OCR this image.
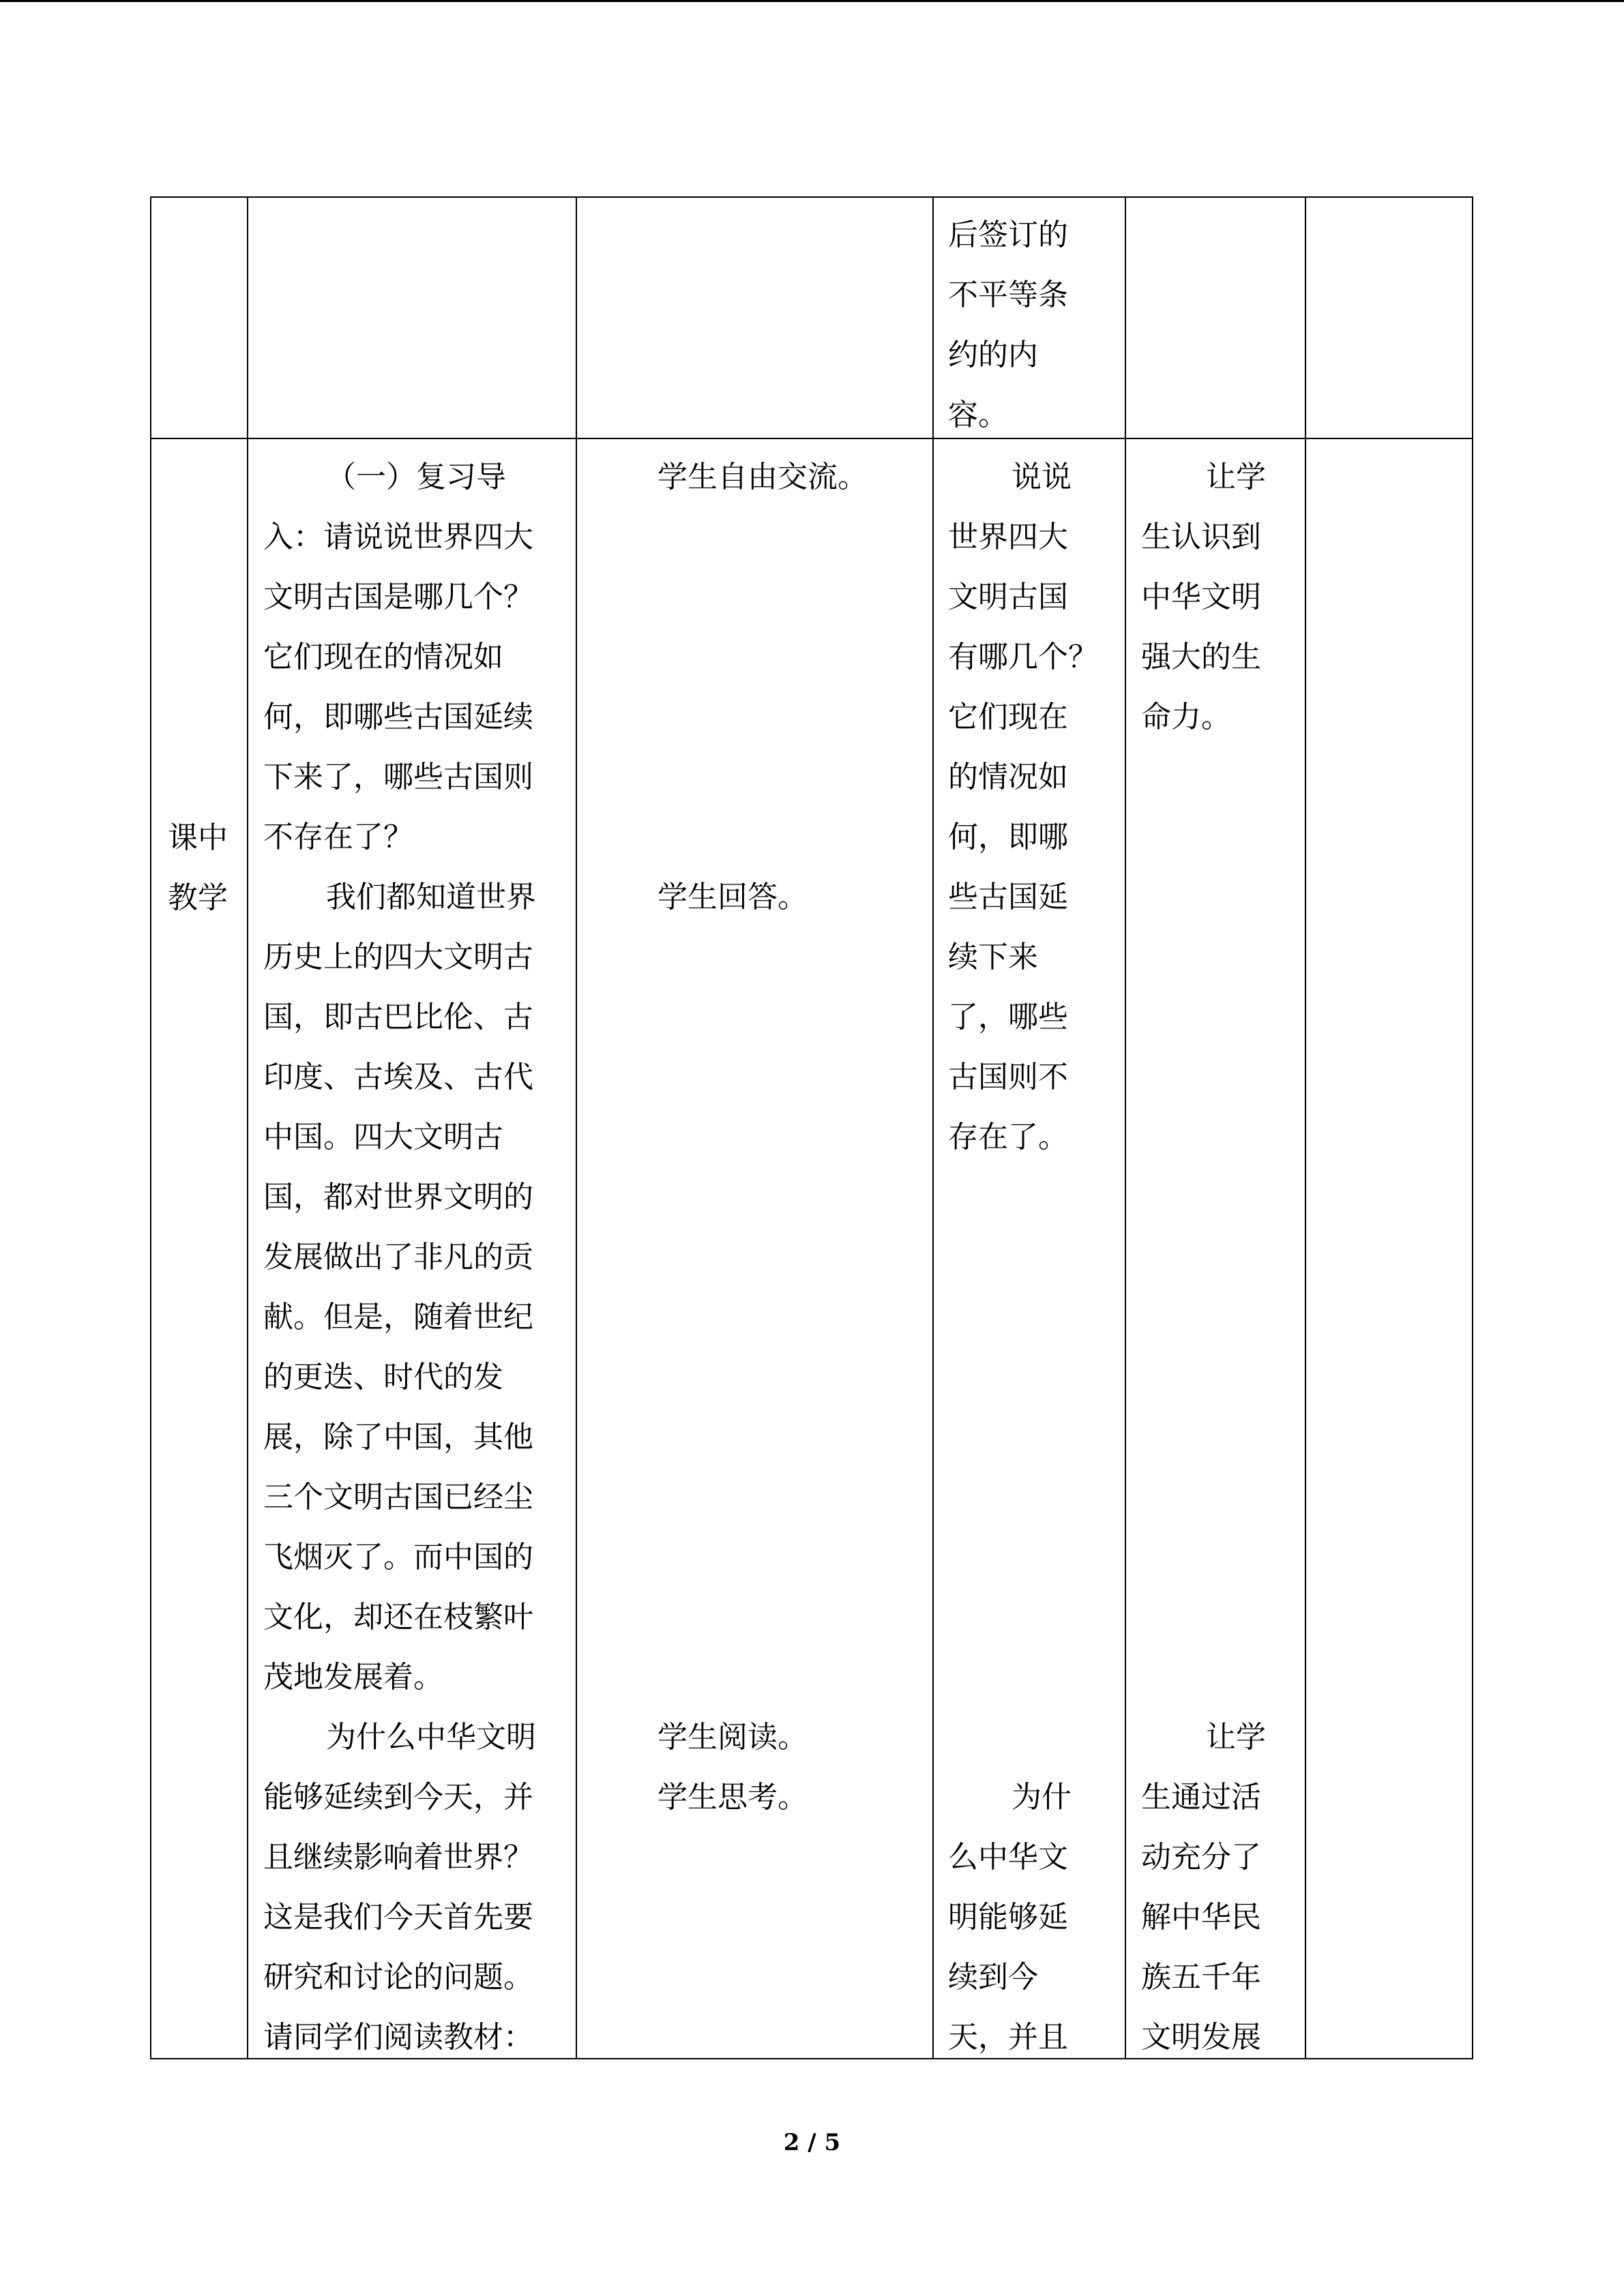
后签订的
不平等条
约的内
容。
课中
教学
（一）复习导
入：请说说世界四大
文明古国是哪几个？
它们现在的情况如
何，即哪些古国延续
下来了，哪些古国则
不存在了？
我们都知道世界
历史上的四大文明古
国，即古巴比伦、古
印度、古埃及、古代
中国。四大文明古
国，都对世界文明的
发展做出了非凡的贡
献。但是，随着世纪
的更迭、时代的发
展，除了中国，其他
三个文明古国已经尘
飞烟灭了。而中国的
文化，却还在枝繁叶
茂地发展着。
为什么中华文明
能够延续到今天，并
且继续影响着世界？
这是我们今天首先要
研究和讨论的问题。
请同学们阅读教材：
学生自由交流。
学生回答。
学生阅读。
学生思考。
说说
世界四大
文明古国
有哪几个？
它们现在
的情况如
何，即哪
些古国延
续下来
了，哪些
古国则不
存在了。
为什
么中华文
明能够延
续到今
天，并且
让学
生认识到
中华文明
强大的生
命力。
让学
生通过活
动充分了
解中华民
族五千年
文明发展
2 / 5
